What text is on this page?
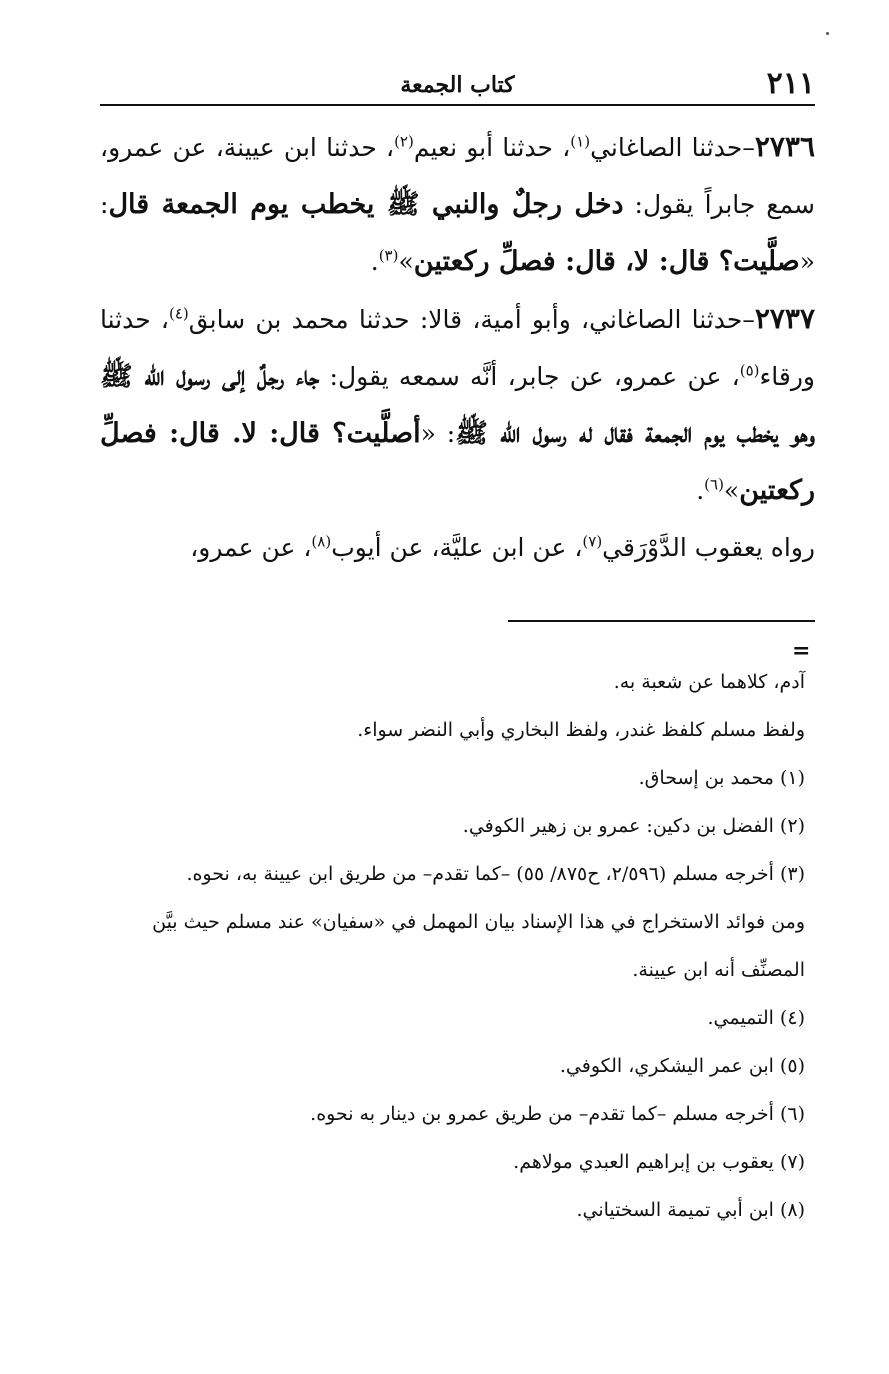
٢١١
كتاب الجمعة

٢٧٣٦–حدثنا الصاغاني$^{(١)}$، حدثنا أبو نعيم$^{(٢)}$، حدثنا ابن عيينة، عن عمرو، سمع جابراً يقول: دخل رجلٌ والنبي ﷺ يخطب يوم الجمعة قال: «صلَّيت؟ قال: لا، قال: فصلِّ ركعتين»$^{(٣)}$.

٢٧٣٧–حدثنا الصاغاني، وأبو أمية، قالا: حدثنا محمد بن سابق$^{(٤)}$، حدثنا ورقاء$^{(٥)}$، عن عمرو، عن جابر، أنَّه سمعه يقول: جاء رجلٌ إلى رسول الله ﷺ وهو يخطب يوم الجمعة فقال له رسول الله ﷺ: «أصلَّيت؟ قال: لا. قال: فصلِّ ركعتين»$^{(٦)}$.

رواه يعقوب الدَّوْرَقي$^{(٧)}$، عن ابن عليَّة، عن أيوب$^{(٨)}$، عن عمرو،

=

آدم، كلاهما عن شعبة به.

ولفظ مسلم كلفظ غندر، ولفظ البخاري وأبي النضر سواء.

(١) محمد بن إسحاق.

(٢) الفضل بن دكين: عمرو بن زهير الكوفي.

(٣) أخرجه مسلم (٢/٥٩٦، ح٨٧٥/ ٥٥) –كما تقدم– من طريق ابن عيينة به، نحوه.

ومن فوائد الاستخراج في هذا الإسناد بيان المهمل في «سفيان» عند مسلم حيث بيَّن

المصنِّف أنه ابن عيينة.

(٤) التميمي.

(٥) ابن عمر اليشكري، الكوفي.

(٦) أخرجه مسلم –كما تقدم– من طريق عمرو بن دينار به نحوه.

(٧) يعقوب بن إبراهيم العبدي مولاهم.

(٨) ابن أبي تميمة السختياني.
